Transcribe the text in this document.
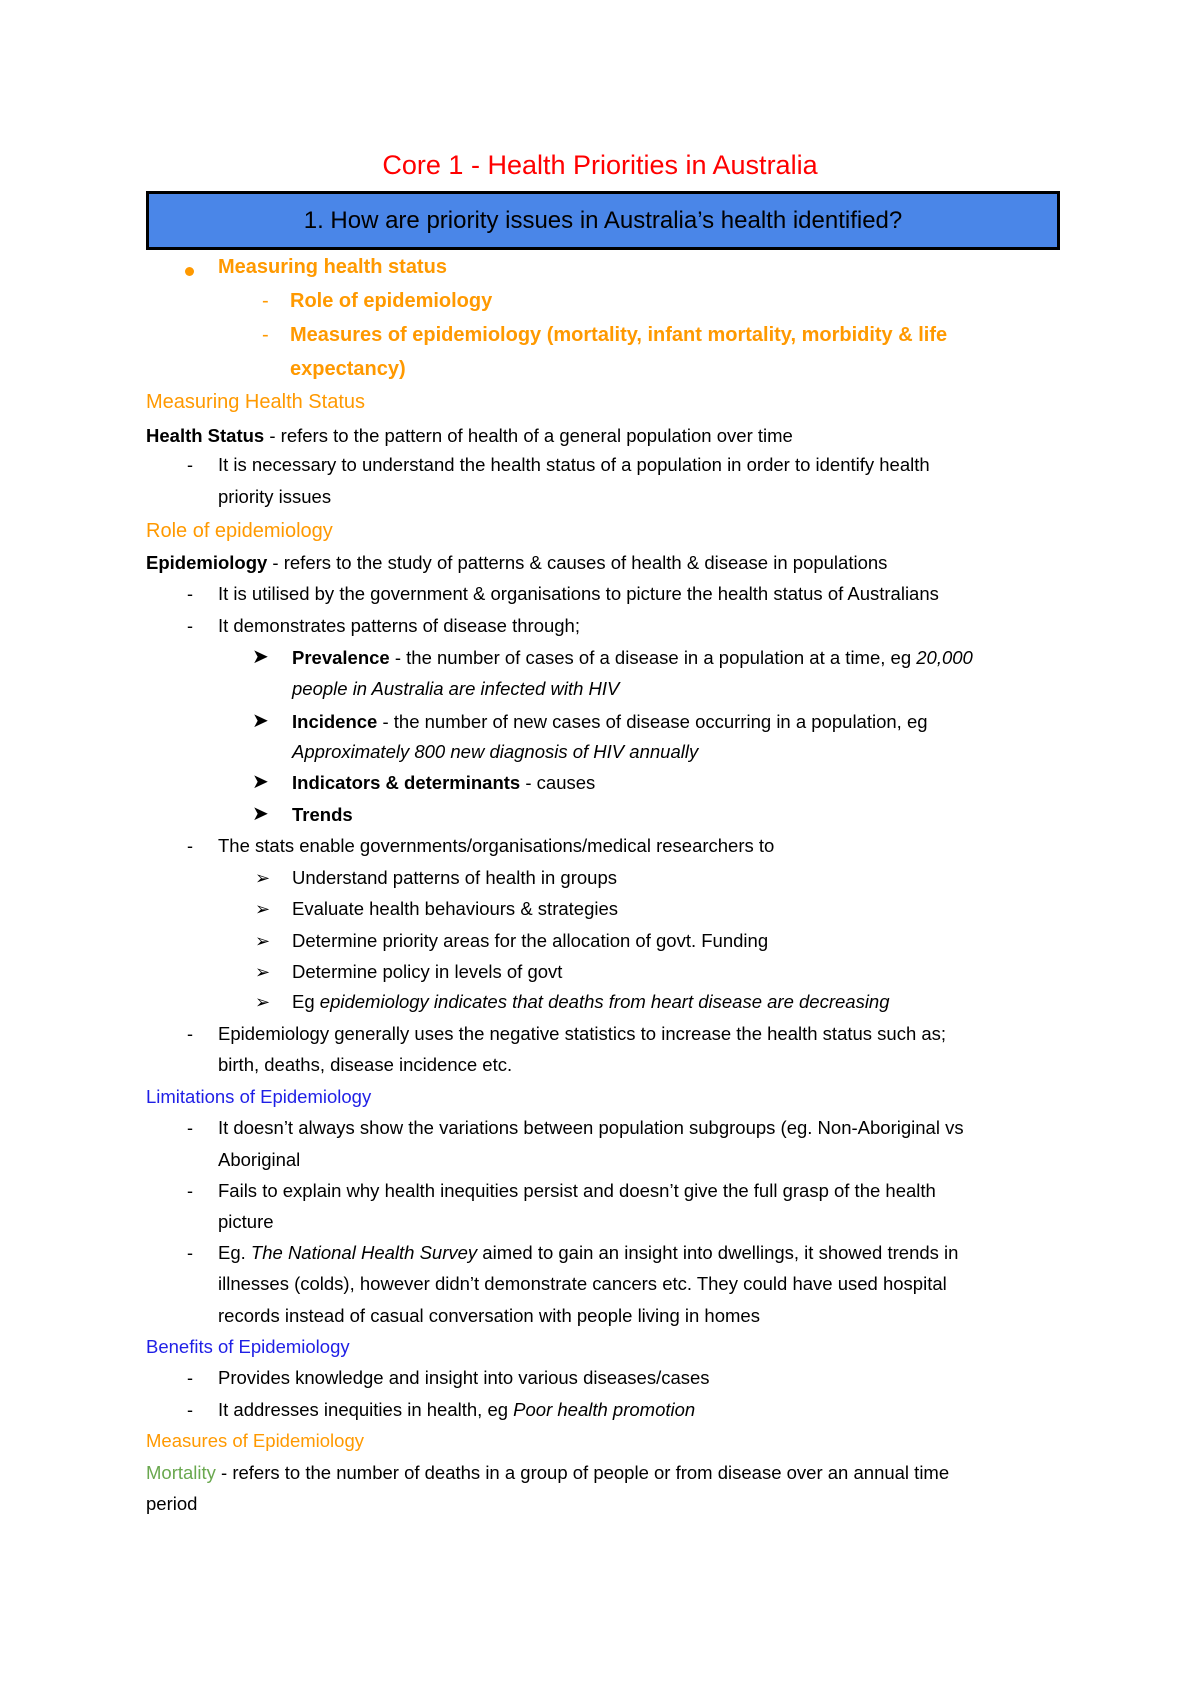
Core 1 - Health Priorities in Australia
1. How are priority issues in Australia’s health identified?
Measuring health status
- Role of epidemiology
- Measures of epidemiology (mortality, infant mortality, morbidity & life
expectancy)
Measuring Health Status
Health Status - refers to the pattern of health of a general population over time
- It is necessary to understand the health status of a population in order to identify health
priority issues
Role of epidemiology
Epidemiology - refers to the study of patterns & causes of health & disease in populations
- It is utilised by the government & organisations to picture the health status of Australians
- It demonstrates patterns of disease through;
➤ Prevalence - the number of cases of a disease in a population at a time, eg 20,000
people in Australia are infected with HIV
➤ Incidence - the number of new cases of disease occurring in a population, eg
Approximately 800 new diagnosis of HIV annually
➤ Indicators & determinants - causes
➤ Trends
- The stats enable governments/organisations/medical researchers to
➢ Understand patterns of health in groups
➢ Evaluate health behaviours & strategies
➢ Determine priority areas for the allocation of govt. Funding
➢ Determine policy in levels of govt
➢ Eg epidemiology indicates that deaths from heart disease are decreasing
- Epidemiology generally uses the negative statistics to increase the health status such as;
birth, deaths, disease incidence etc.
Limitations of Epidemiology
- It doesn’t always show the variations between population subgroups (eg. Non-Aboriginal vs
Aboriginal
- Fails to explain why health inequities persist and doesn’t give the full grasp of the health
picture
- Eg. The National Health Survey aimed to gain an insight into dwellings, it showed trends in
illnesses (colds), however didn’t demonstrate cancers etc. They could have used hospital
records instead of casual conversation with people living in homes
Benefits of Epidemiology
- Provides knowledge and insight into various diseases/cases
- It addresses inequities in health, eg Poor health promotion
Measures of Epidemiology
Mortality - refers to the number of deaths in a group of people or from disease over an annual time
period
